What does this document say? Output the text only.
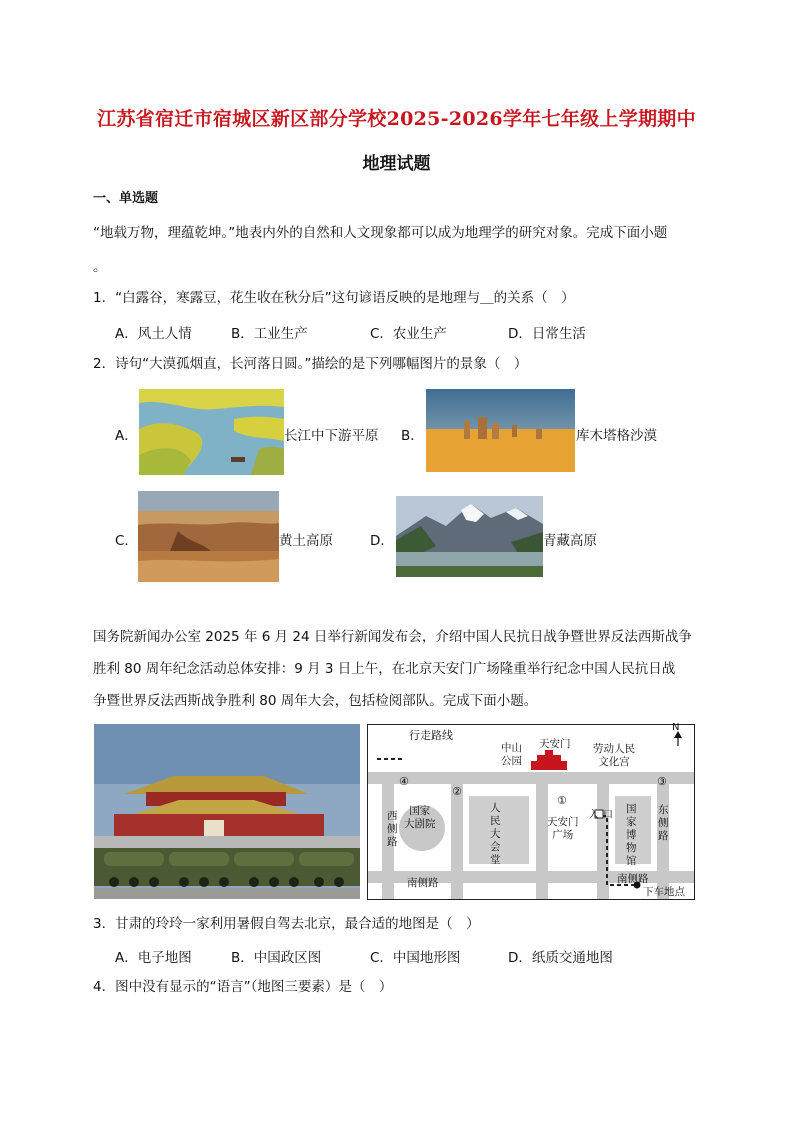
江苏省宿迁市宿城区新区部分学校2025-2026学年七年级上学期期中
地理试题
一、单选题
“地载万物，理蕴乾坤。”地表内外的自然和人文现象都可以成为地理学的研究对象。完成下面小题
。
1．“白露谷，寒露豆，花生收在秋分后”这句谚语反映的是地理与＿的关系（　）
A．风土人情	B．工业生产	C．农业生产	D．日常生活
2．诗句“大漠孤烟直，长河落日圆。”描绘的是下列哪幅图片的景象（　）
A．	长江中下游平原 B．	库木塔格沙漠
C．	黄土高原	D．	青藏高原
国务院新闻办公室 2025 年 6 月 24 日举行新闻发布会，介绍中国人民抗日战争暨世界反法西斯战争
胜利 80 周年纪念活动总体安排：9 月 3 日上午，在北京天安门广场隆重举行纪念中国人民抗日战
争暨世界反法西斯战争胜利 80 周年大会，包括检阅部队。完成下面小题。
行走路线
N
中山
公园
天安门 劳动人民
文化宫
④
②
③
①
国家
大剧院
西
侧
路
人
民
大
会
堂
天安门
广场
入 口
国
家
博
物
馆
东
侧
路
南侧路	南侧路
下车地点
3．甘肃的玲玲一家利用暑假自驾去北京，最合适的地图是（　）
A．电子地图	B．中国政区图	C．中国地形图	D．纸质交通地图
4．图中没有显示的“语言”（地图三要素）是（　）
